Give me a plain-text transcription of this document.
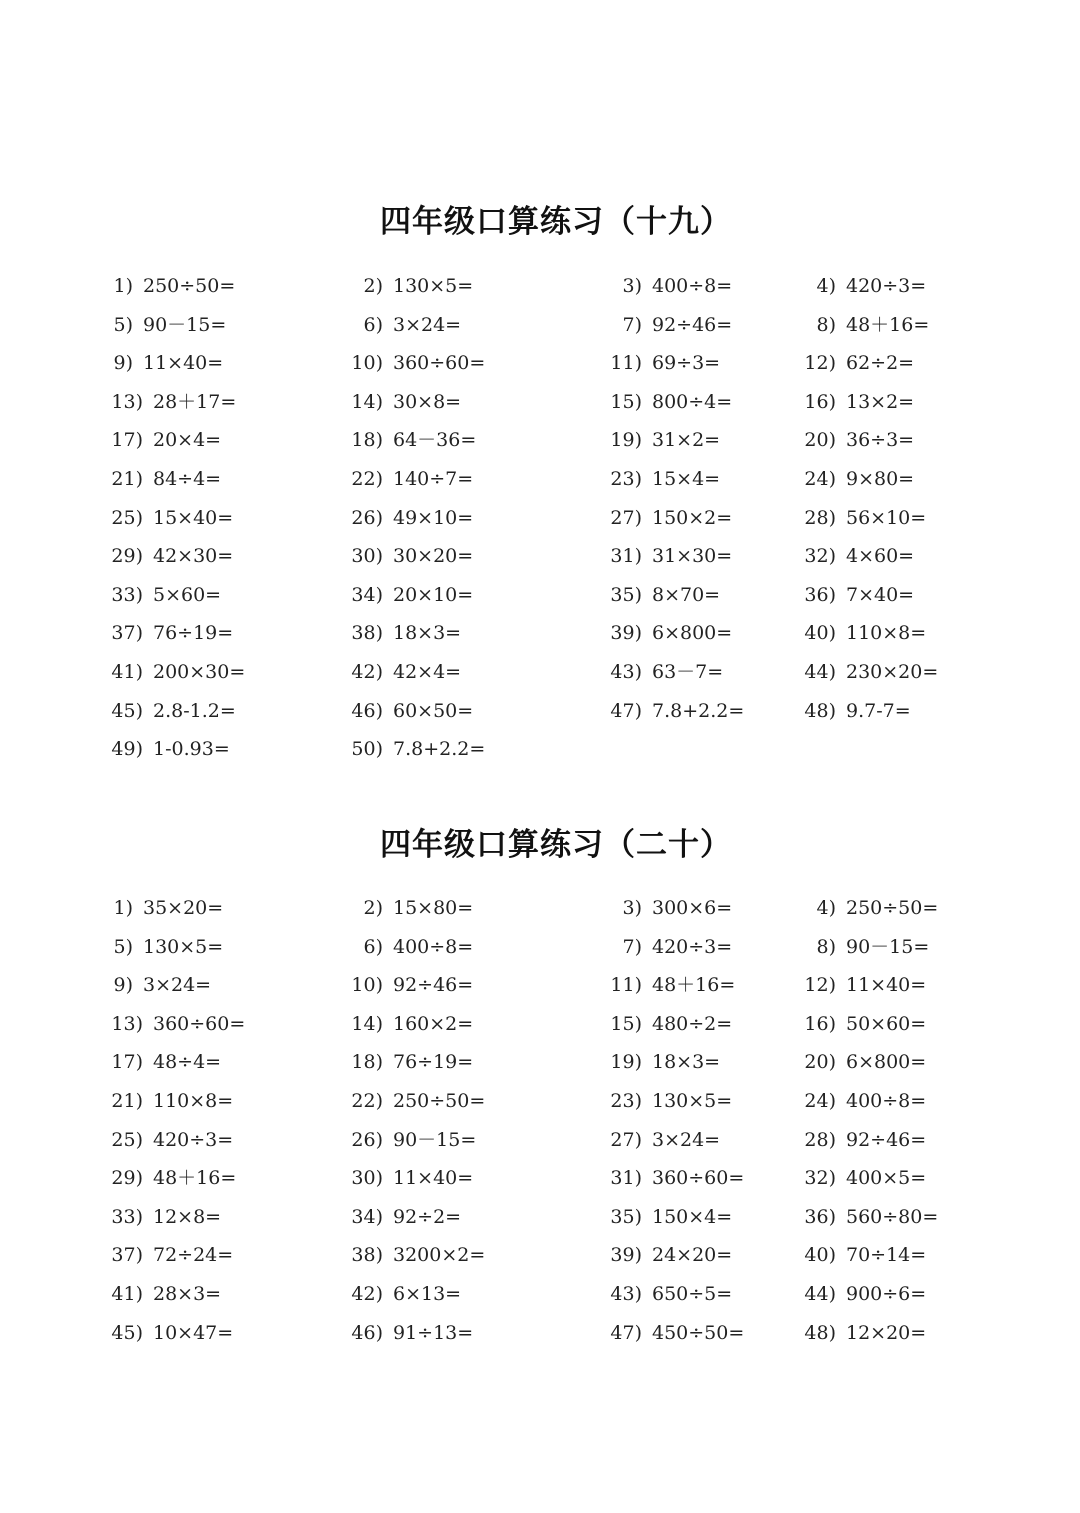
四年级口算练习（十九）
1) 250÷50=	2) 130×5=	3) 400÷8=	4) 420÷3=
5) 90－15=	6) 3×24=	7) 92÷46=	8) 48＋16=
9) 11×40=	10) 360÷60=	11) 69÷3=	12) 62÷2=
13) 28＋17=	14) 30×8=	15) 800÷4=	16) 13×2=
17) 20×4=	18) 64－36=	19) 31×2=	20) 36÷3=
21) 84÷4=	22) 140÷7=	23) 15×4=	24) 9×80=
25) 15×40=	26) 49×10=	27) 150×2=	28) 56×10=
29) 42×30=	30) 30×20=	31) 31×30=	32) 4×60=
33) 5×60=	34) 20×10=	35) 8×70=	36) 7×40=
37) 76÷19=	38) 18×3=	39) 6×800=	40) 110×8=
41) 200×30=	42) 42×4=	43) 63－7=	44) 230×20=
45) 2.8-1.2=	46) 60×50=	47) 7.8+2.2=	48) 9.7-7=
49) 1-0.93=	50) 7.8+2.2=
四年级口算练习（二十）
1) 35×20=	2) 15×80=	3) 300×6=	4) 250÷50=
5) 130×5=	6) 400÷8=	7) 420÷3=	8) 90－15=
9) 3×24=	10) 92÷46=	11) 48＋16=	12) 11×40=
13) 360÷60=	14) 160×2=	15) 480÷2=	16) 50×60=
17) 48÷4=	18) 76÷19=	19) 18×3=	20) 6×800=
21) 110×8=	22) 250÷50=	23) 130×5=	24) 400÷8=
25) 420÷3=	26) 90－15=	27) 3×24=	28) 92÷46=
29) 48＋16=	30) 11×40=	31) 360÷60=	32) 400×5=
33) 12×8=	34) 92÷2=	35) 150×4=	36) 560÷80=
37) 72÷24=	38) 3200×2=	39) 24×20=	40) 70÷14=
41) 28×3=	42) 6×13=	43) 650÷5=	44) 900÷6=
45) 10×47=	46) 91÷13=	47) 450÷50=	48) 12×20=
